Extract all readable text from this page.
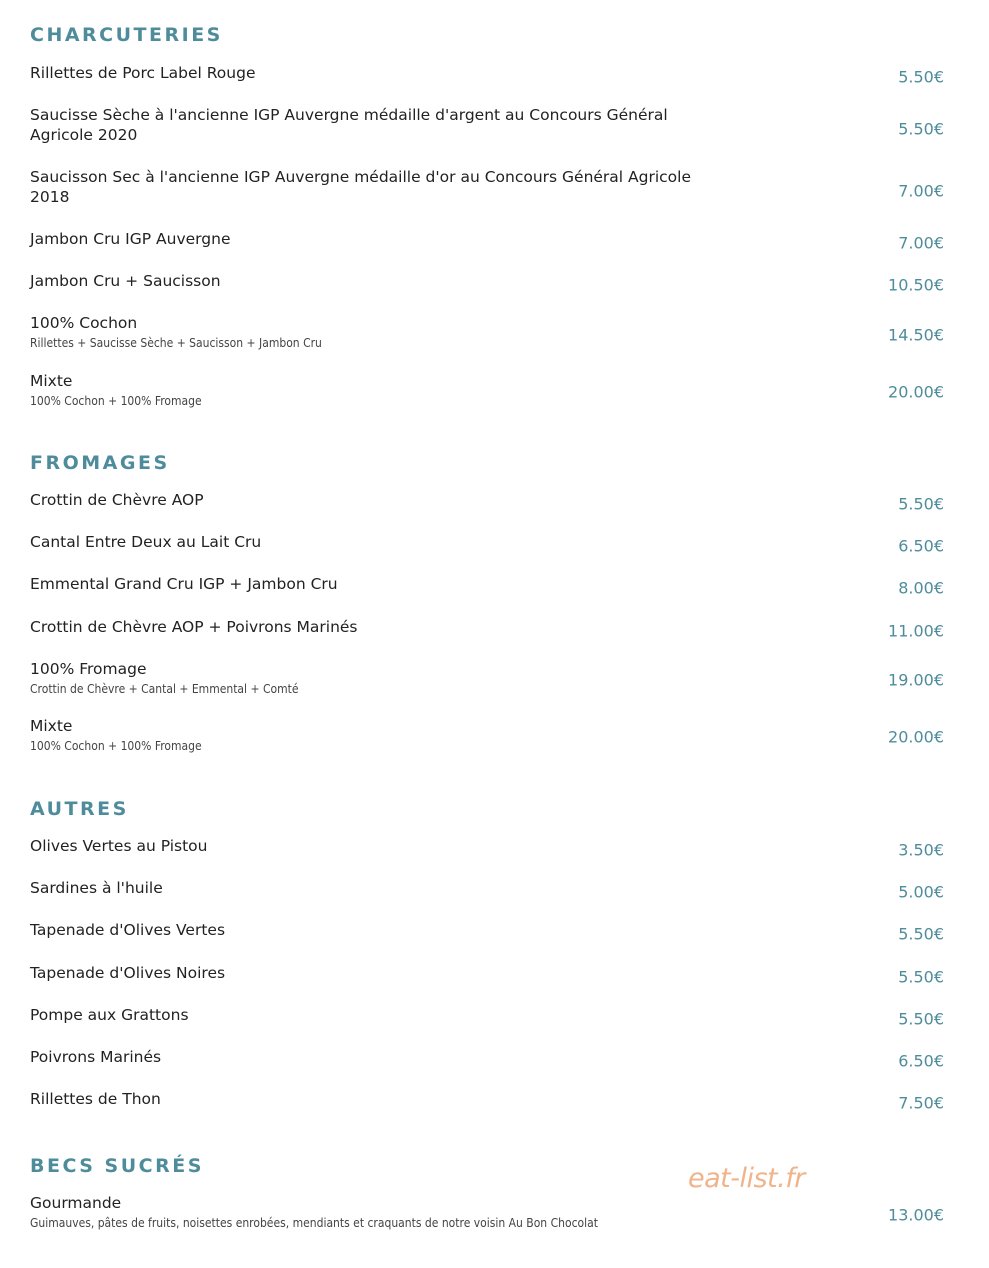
CHARCUTERIES
Rillettes de Porc Label Rouge	5.50€
Saucisse Sèche à l'ancienne IGP Auvergne médaille d'argent au Concours Général Agricole 2020	5.50€
Saucisson Sec à l'ancienne IGP Auvergne médaille d'or au Concours Général Agricole 2018	7.00€
Jambon Cru IGP Auvergne	7.00€
Jambon Cru + Saucisson	10.50€
100% Cochon
Rillettes + Saucisse Sèche + Saucisson + Jambon Cru	14.50€
Mixte
100% Cochon + 100% Fromage	20.00€
FROMAGES
Crottin de Chèvre AOP	5.50€
Cantal Entre Deux au Lait Cru	6.50€
Emmental Grand Cru IGP + Jambon Cru	8.00€
Crottin de Chèvre AOP + Poivrons Marinés	11.00€
100% Fromage
Crottin de Chèvre + Cantal + Emmental + Comté	19.00€
Mixte
100% Cochon + 100% Fromage	20.00€
AUTRES
Olives Vertes au Pistou	3.50€
Sardines à l'huile	5.00€
Tapenade d'Olives Vertes	5.50€
Tapenade d'Olives Noires	5.50€
Pompe aux Grattons	5.50€
Poivrons Marinés	6.50€
Rillettes de Thon	7.50€
BECS SUCRÉS
Gourmande
Guimauves, pâtes de fruits, noisettes enrobées, mendiants et craquants de notre voisin Au Bon Chocolat	13.00€
eat-list.fr
